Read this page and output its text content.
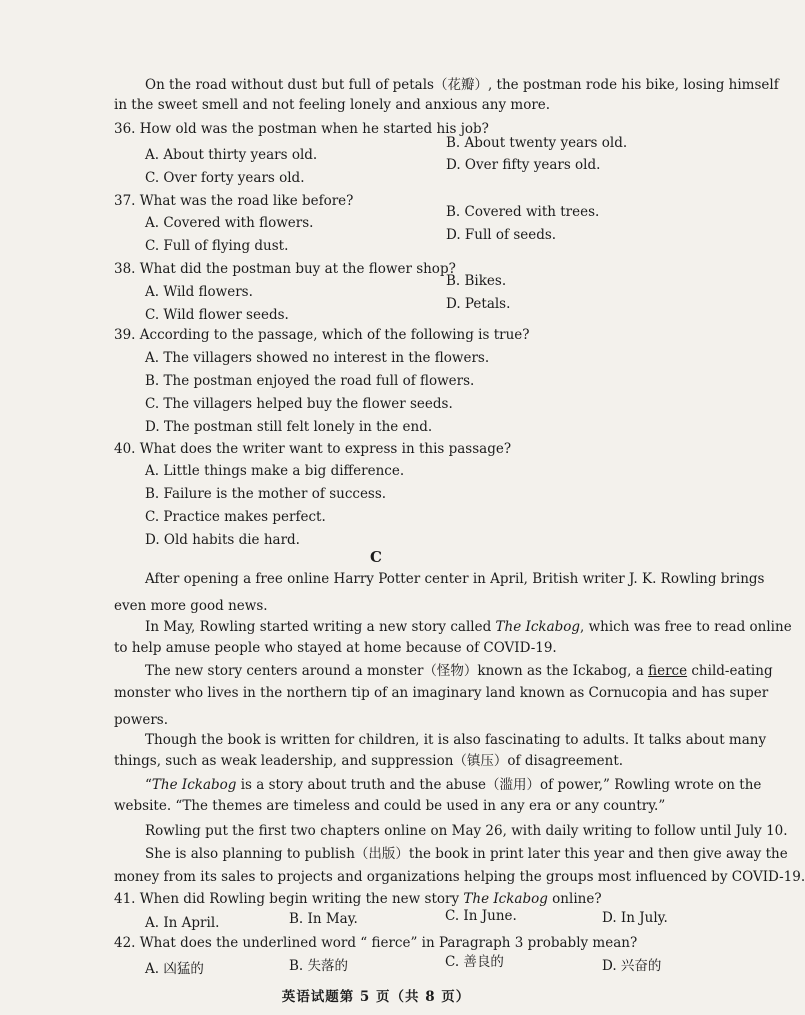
On the road without dust but full of petals（花瓣）, the postman rode his bike, losing himself
in the sweet smell and not feeling lonely and anxious any more.
36. How old was the postman when he started his job?
B. About twenty years old.
A. About thirty years old.
D. Over fifty years old.
C. Over forty years old.
37. What was the road like before?
A. Covered with flowers.
B. Covered with trees.
D. Full of seeds.
C. Full of flying dust.
38. What did the postman buy at the flower shop?
B. Bikes.
A. Wild flowers.
D. Petals.
C. Wild flower seeds.
39. According to the passage, which of the following is true?
A. The villagers showed no interest in the flowers.
B. The postman enjoyed the road full of flowers.
C. The villagers helped buy the flower seeds.
D. The postman still felt lonely in the end.
40. What does the writer want to express in this passage?
A. Little things make a big difference.
B. Failure is the mother of success.
C. Practice makes perfect.
D. Old habits die hard.
C
After opening a free online Harry Potter center in April, British writer J. K. Rowling brings
even more good news.
In May, Rowling started writing a new story called The Ickabog, which was free to read online
to help amuse people who stayed at home because of COVID-19.
The new story centers around a monster（怪物）known as the Ickabog, a fierce child-eating
monster who lives in the northern tip of an imaginary land known as Cornucopia and has super
powers.
Though the book is written for children, it is also fascinating to adults. It talks about many
things, such as weak leadership, and suppression（镇压）of disagreement.
“The Ickabog is a story about truth and the abuse（滥用）of power,” Rowling wrote on the
website. “The themes are timeless and could be used in any era or any country.”
Rowling put the first two chapters online on May 26, with daily writing to follow until July 10.
She is also planning to publish（出版）the book in print later this year and then give away the
money from its sales to projects and organizations helping the groups most influenced by COVID-19.
41. When did Rowling begin writing the new story The Ickabog online?
A. In April.	B. In May.	C. In June.	D. In July.
42. What does the underlined word “ fierce” in Paragraph 3 probably mean?
A. 凶猛的	B. 失落的	C. 善良的	D. 兴奋的
英语试题第 5 页（共 8 页）
